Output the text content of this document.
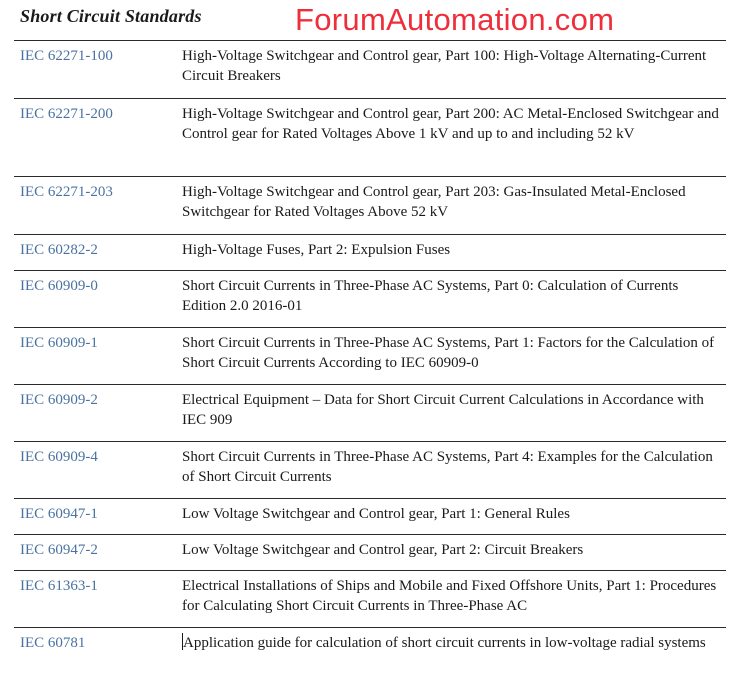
Short Circuit Standards	ForumAutomation.com
IEC 62271-100	High-Voltage Switchgear and Control gear, Part 100: High-Voltage Alternating-Current Circuit Breakers
IEC 62271-200	High-Voltage Switchgear and Control gear, Part 200: AC Metal-Enclosed Switchgear and Control gear for Rated Voltages Above 1 kV and up to and including 52 kV
IEC 62271-203	High-Voltage Switchgear and Control gear, Part 203: Gas-Insulated Metal-Enclosed Switchgear for Rated Voltages Above 52 kV
IEC 60282-2	High-Voltage Fuses, Part 2: Expulsion Fuses
IEC 60909-0	Short Circuit Currents in Three-Phase AC Systems, Part 0: Calculation of Currents Edition 2.0 2016-01
IEC 60909-1	Short Circuit Currents in Three-Phase AC Systems, Part 1: Factors for the Calculation of Short Circuit Currents According to IEC 60909-0
IEC 60909-2	Electrical Equipment – Data for Short Circuit Current Calculations in Accordance with IEC 909
IEC 60909-4	Short Circuit Currents in Three-Phase AC Systems, Part 4: Examples for the Calculation of Short Circuit Currents
IEC 60947-1	Low Voltage Switchgear and Control gear, Part 1: General Rules
IEC 60947-2	Low Voltage Switchgear and Control gear, Part 2: Circuit Breakers
IEC 61363-1	Electrical Installations of Ships and Mobile and Fixed Offshore Units, Part 1: Procedures for Calculating Short Circuit Currents in Three-Phase AC
IEC 60781	Application guide for calculation of short circuit currents in low-voltage radial systems
